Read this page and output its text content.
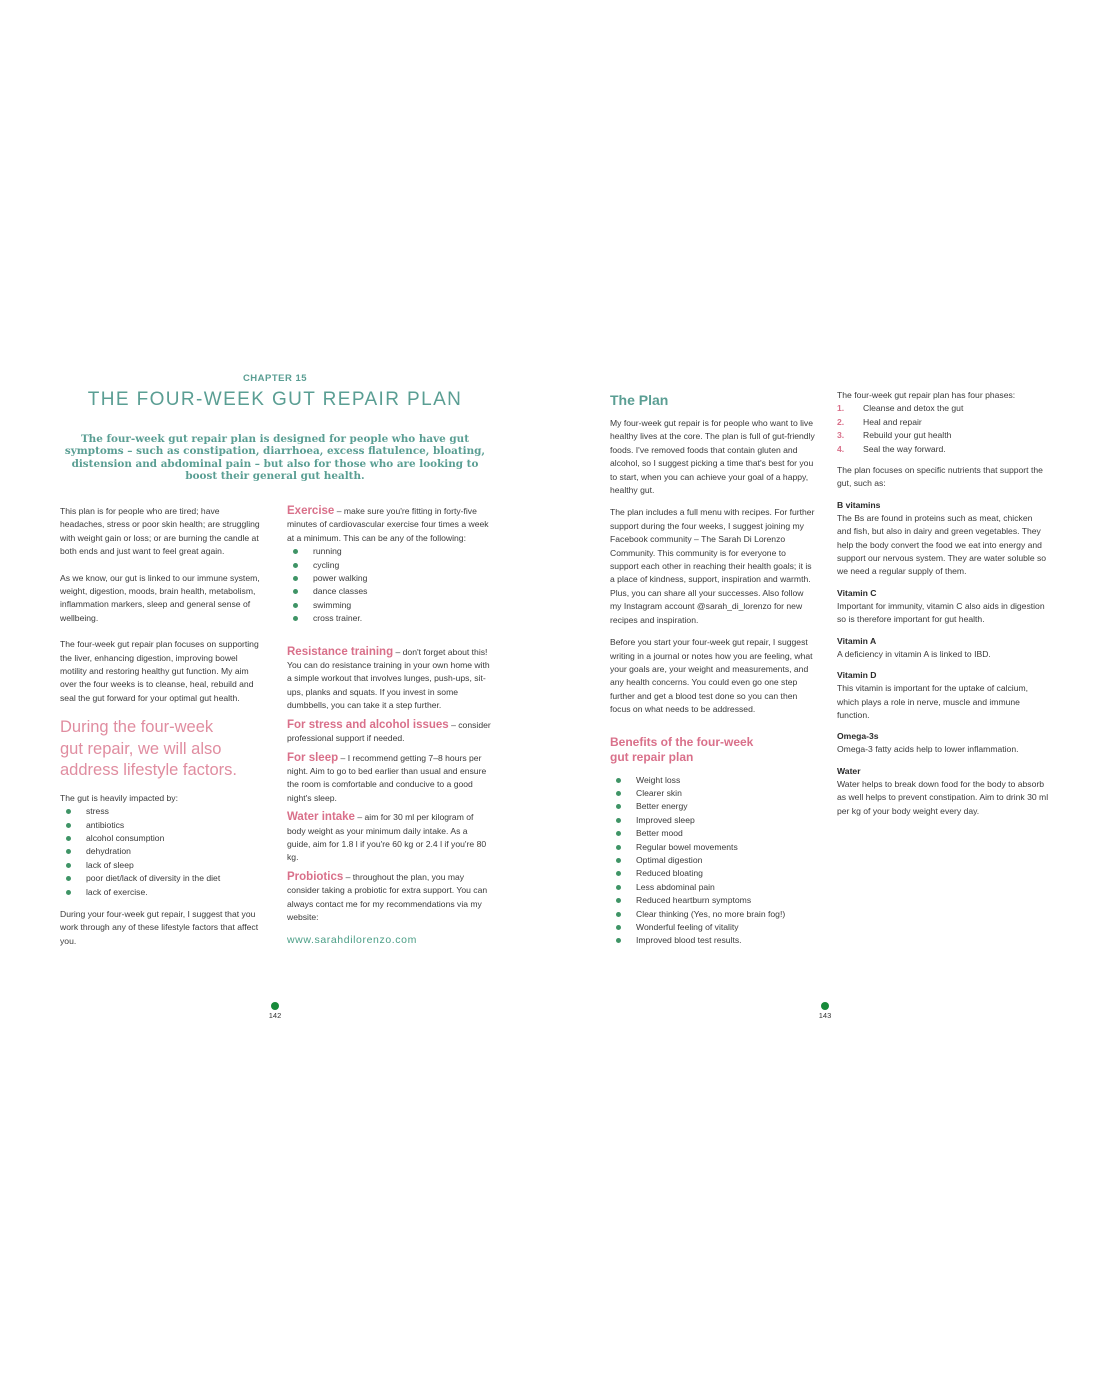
CHAPTER 15
THE FOUR-WEEK GUT REPAIR PLAN
The four-week gut repair plan is designed for people who have gut symptoms – such as constipation, diarrhoea, excess flatulence, bloating, distension and abdominal pain – but also for those who are looking to boost their general gut health.

This plan is for people who are tired; have headaches, stress or poor skin health; are struggling with weight gain or loss; or are burning the candle at both ends and just want to feel great again.

As we know, our gut is linked to our immune system, weight, digestion, moods, brain health, metabolism, inflammation markers, sleep and general sense of wellbeing.

The four-week gut repair plan focuses on supporting the liver, enhancing digestion, improving bowel motility and restoring healthy gut function. My aim over the four weeks is to cleanse, heal, rebuild and seal the gut forward for your optimal gut health.

During the four-week gut repair, we will also address lifestyle factors.

The gut is heavily impacted by:

stress
antibiotics
alcohol consumption
dehydration
lack of sleep
poor diet/lack of diversity in the diet
lack of exercise.

During your four-week gut repair, I suggest that you work through any of these lifestyle factors that affect you.

Exercise – make sure you're fitting in forty-five minutes of cardiovascular exercise four times a week at a minimum. This can be any of the following:

running
cycling
power walking
dance classes
swimming
cross trainer.

Resistance training – don't forget about this! You can do resistance training in your own home with a simple workout that involves lunges, push-ups, sit-ups, planks and squats. If you invest in some dumbbells, you can take it a step further.

For stress and alcohol issues – consider professional support if needed.

For sleep – I recommend getting 7–8 hours per night. Aim to go to bed earlier than usual and ensure the room is comfortable and conducive to a good night's sleep.

Water intake – aim for 30 ml per kilogram of body weight as your minimum daily intake. As a guide, aim for 1.8 l if you're 60 kg or 2.4 l if you're 80 kg.

Probiotics – throughout the plan, you may consider taking a probiotic for extra support. You can always contact me for my recommendations via my website:

www.sarahdilorenzo.com
142
The Plan

My four-week gut repair is for people who want to live healthy lives at the core. The plan is full of gut-friendly foods. I've removed foods that contain gluten and alcohol, so I suggest picking a time that's best for you to start, when you can achieve your goal of a happy, healthy gut.

The plan includes a full menu with recipes. For further support during the four weeks, I suggest joining my Facebook community – The Sarah Di Lorenzo Community. This community is for everyone to support each other in reaching their health goals; it is a place of kindness, support, inspiration and warmth. Plus, you can share all your successes. Also follow my Instagram account @sarah_di_lorenzo for new recipes and inspiration.

Before you start your four-week gut repair, I suggest writing in a journal or notes how you are feeling, what your goals are, your weight and measurements, and any health concerns. You could even go one step further and get a blood test done so you can then focus on what needs to be addressed.

Benefits of the four-week gut repair plan
Weight loss
Clearer skin
Better energy
Improved sleep
Better mood
Regular bowel movements
Optimal digestion
Reduced bloating
Less abdominal pain
Reduced heartburn symptoms
Clear thinking (Yes, no more brain fog!)
Wonderful feeling of vitality
Improved blood test results.

The four-week gut repair plan has four phases:

1. Cleanse and detox the gut
2. Heal and repair
3. Rebuild your gut health
4. Seal the way forward.

The plan focuses on specific nutrients that support the gut, such as:

B vitamins

The Bs are found in proteins such as meat, chicken and fish, but also in dairy and green vegetables. They help the body convert the food we eat into energy and support our nervous system. They are water soluble so we need a regular supply of them.

Vitamin C

Important for immunity, vitamin C also aids in digestion so is therefore important for gut health.

Vitamin A

A deficiency in vitamin A is linked to IBD.

Vitamin D

This vitamin is important for the uptake of calcium, which plays a role in nerve, muscle and immune function.

Omega-3s

Omega-3 fatty acids help to lower inflammation.

Water

Water helps to break down food for the body to absorb as well helps to prevent constipation. Aim to drink 30 ml per kg of your body weight every day.

143
